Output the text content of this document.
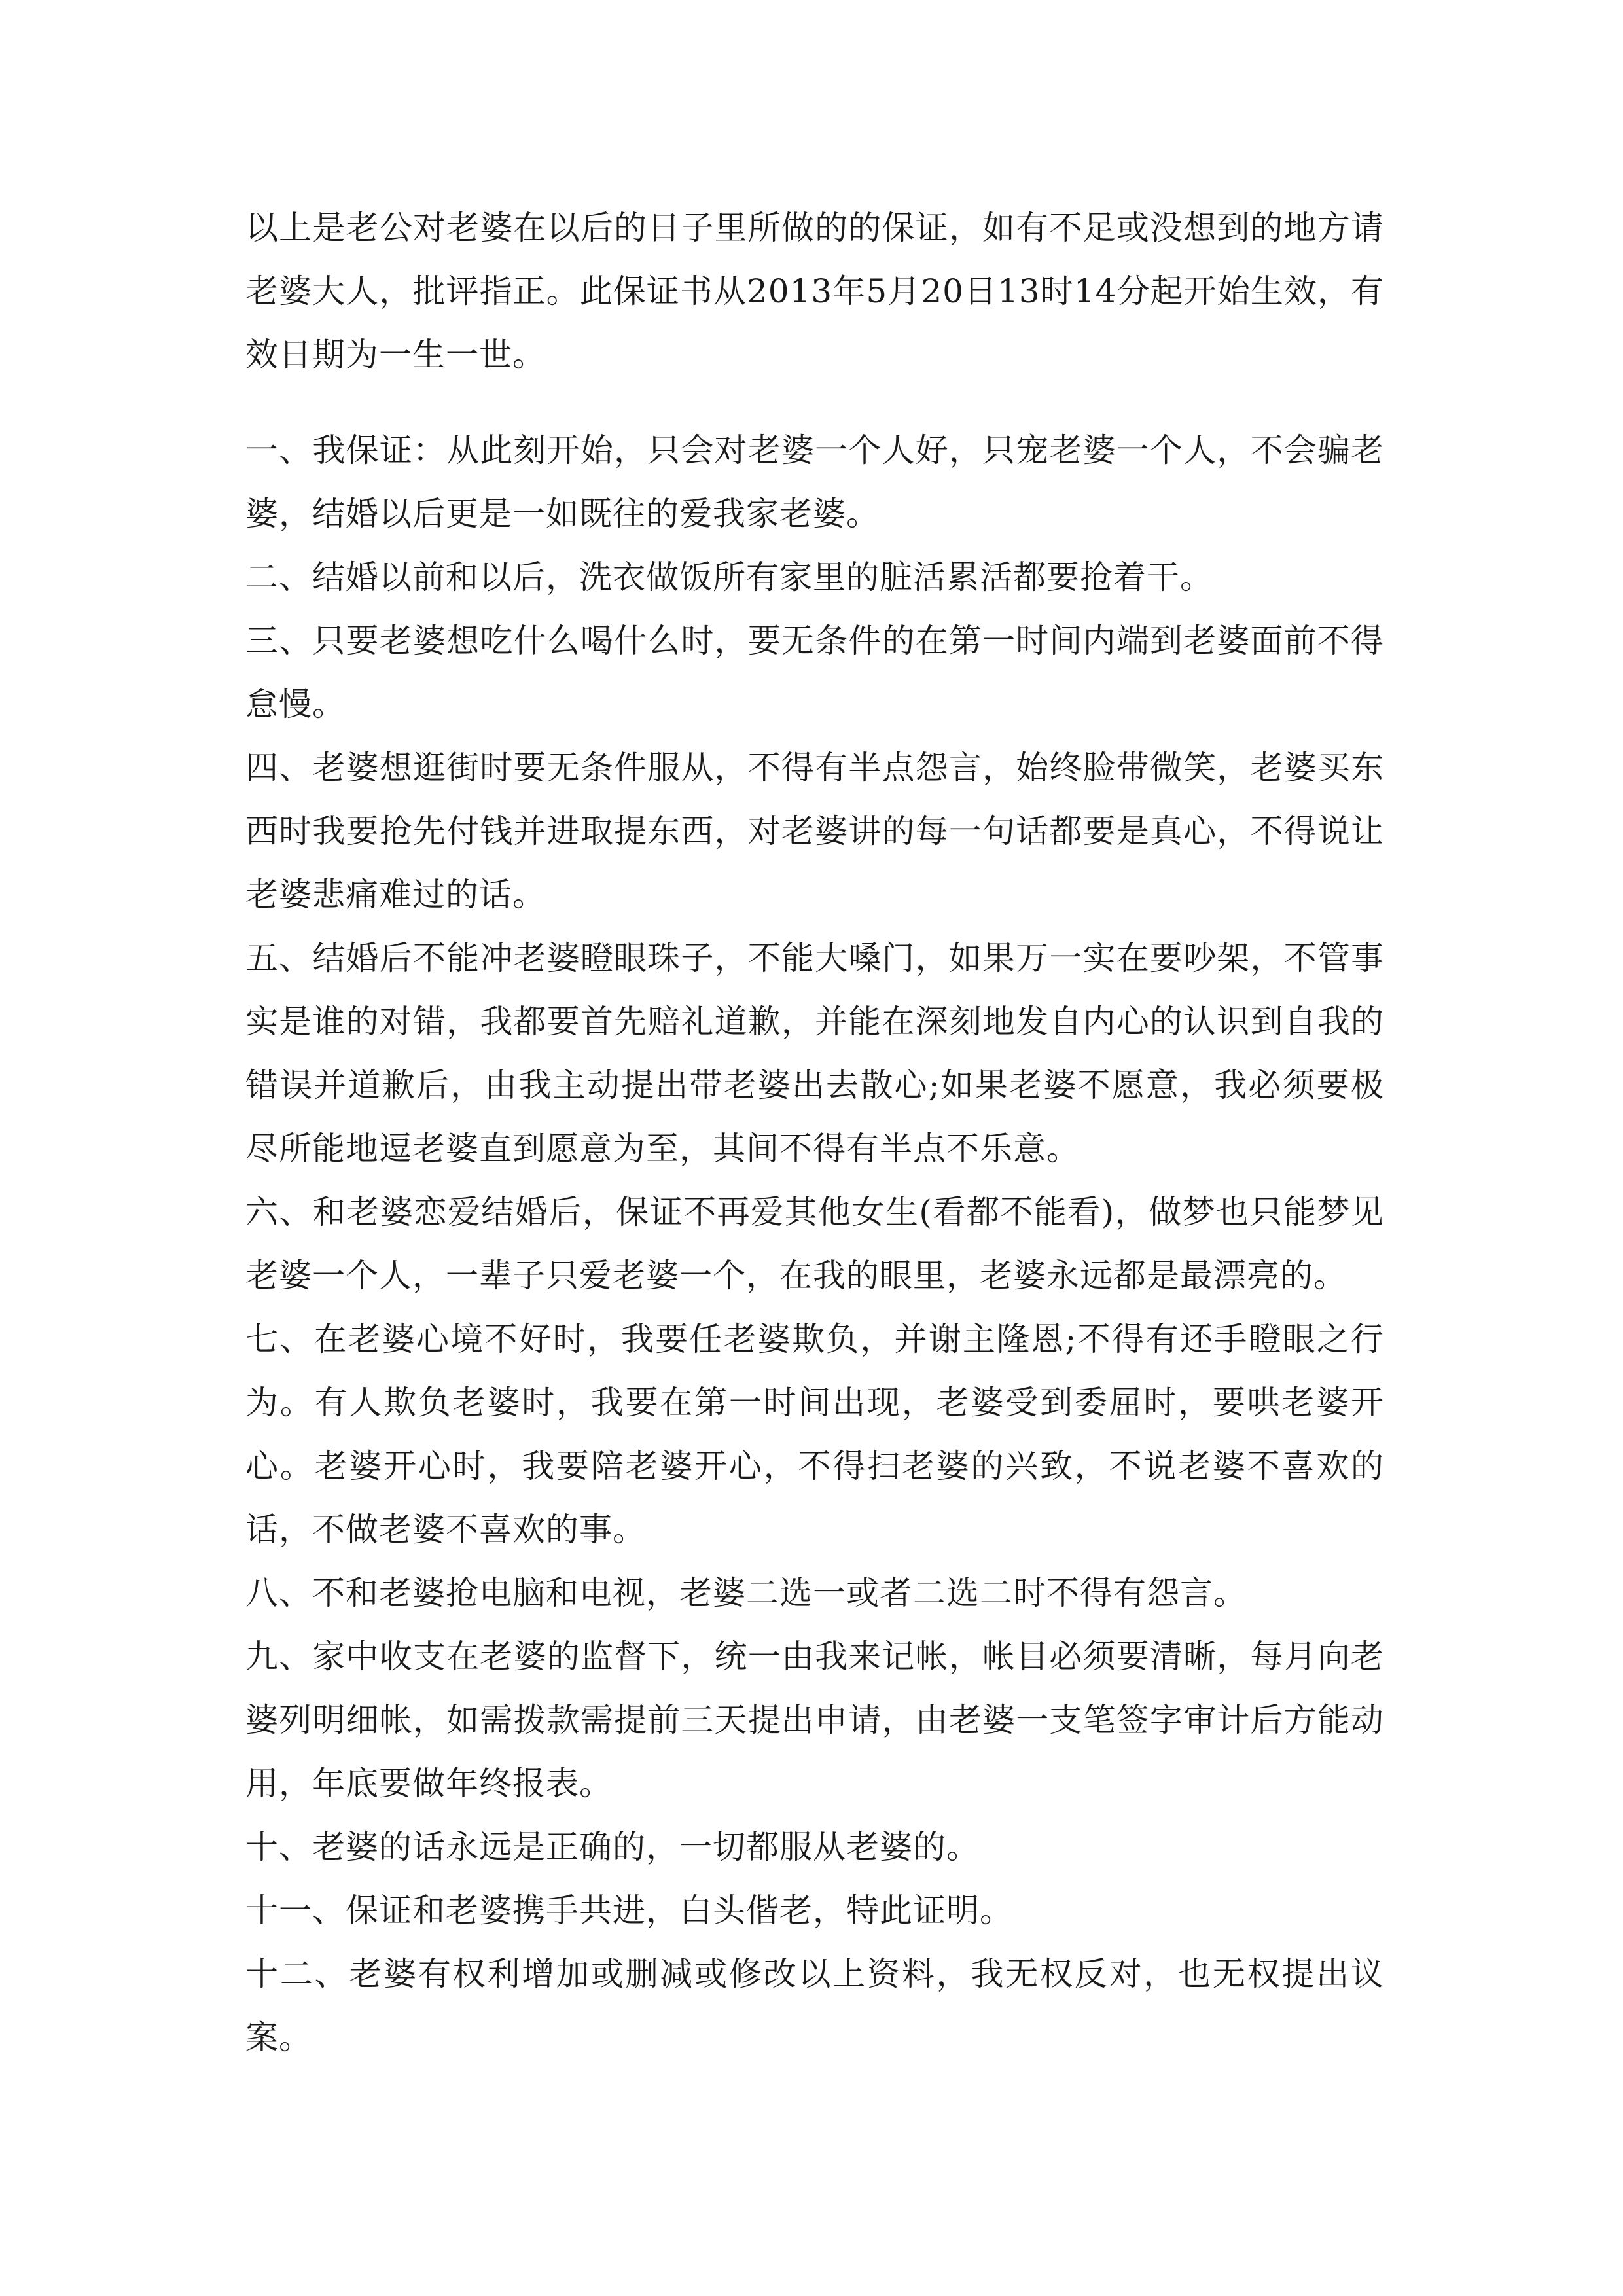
以上是老公对老婆在以后的日子里所做的的保证，如有不足或没想到的地方请老婆大人，批评指正。此保证书从2013年5月20日13时14分起开始生效，有效日期为一生一世。

一、我保证：从此刻开始，只会对老婆一个人好，只宠老婆一个人，不会骗老婆，结婚以后更是一如既往的爱我家老婆。

二、结婚以前和以后，洗衣做饭所有家里的脏活累活都要抢着干。

三、只要老婆想吃什么喝什么时，要无条件的在第一时间内端到老婆面前不得怠慢。

四、老婆想逛街时要无条件服从，不得有半点怨言，始终脸带微笑，老婆买东西时我要抢先付钱并进取提东西，对老婆讲的每一句话都要是真心，不得说让老婆悲痛难过的话。

五、结婚后不能冲老婆瞪眼珠子，不能大嗓门，如果万一实在要吵架，不管事实是谁的对错，我都要首先赔礼道歉，并能在深刻地发自内心的认识到自我的错误并道歉后，由我主动提出带老婆出去散心;如果老婆不愿意，我必须要极尽所能地逗老婆直到愿意为至，其间不得有半点不乐意。

六、和老婆恋爱结婚后，保证不再爱其他女生(看都不能看)，做梦也只能梦见老婆一个人，一辈子只爱老婆一个，在我的眼里，老婆永远都是最漂亮的。

七、在老婆心境不好时，我要任老婆欺负，并谢主隆恩;不得有还手瞪眼之行为。有人欺负老婆时，我要在第一时间出现，老婆受到委屈时，要哄老婆开心。老婆开心时，我要陪老婆开心，不得扫老婆的兴致，不说老婆不喜欢的话，不做老婆不喜欢的事。

八、不和老婆抢电脑和电视，老婆二选一或者二选二时不得有怨言。

九、家中收支在老婆的监督下，统一由我来记帐，帐目必须要清晰，每月向老婆列明细帐，如需拨款需提前三天提出申请，由老婆一支笔签字审计后方能动用，年底要做年终报表。

十、老婆的话永远是正确的，一切都服从老婆的。

十一、保证和老婆携手共进，白头偕老，特此证明。

十二、老婆有权利增加或删减或修改以上资料，我无权反对，也无权提出议案。
